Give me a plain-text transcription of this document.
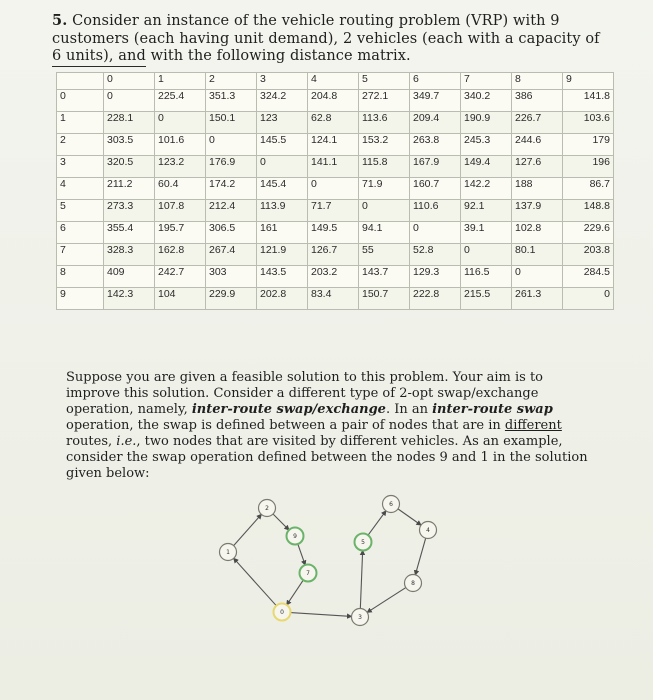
5. Consider an instance of the vehicle routing problem (VRP) with 9 customers (each having unit demand), 2 vehicles (each with a capacity of 6 units), and with the following distance matrix.
	0	1	2	3	4	5	6	7	8	9
0	0	225.4	351.3	324.2	204.8	272.1	349.7	340.2	386	141.8
1	228.1	0	150.1	123	62.8	113.6	209.4	190.9	226.7	103.6
2	303.5	101.6	0	145.5	124.1	153.2	263.8	245.3	244.6	179
3	320.5	123.2	176.9	0	141.1	115.8	167.9	149.4	127.6	196
4	211.2	60.4	174.2	145.4	0	71.9	160.7	142.2	188	86.7
5	273.3	107.8	212.4	113.9	71.7	0	110.6	92.1	137.9	148.8
6	355.4	195.7	306.5	161	149.5	94.1	0	39.1	102.8	229.6
7	328.3	162.8	267.4	121.9	126.7	55	52.8	0	80.1	203.8
8	409	242.7	303	143.5	203.2	143.7	129.3	116.5	0	284.5
9	142.3	104	229.9	202.8	83.4	150.7	222.8	215.5	261.3	0
Suppose you are given a feasible solution to this problem. Your aim is to improve this solution. Consider a different type of 2-opt swap/exchange operation, namely, inter-route swap/exchange. In an inter-route swap operation, the swap is defined between a pair of nodes that are in different routes, i.e., two nodes that are visited by different vehicles. As an example, consider the swap operation defined between the nodes 9 and 1 in the solution given below:
0
1
2
3
4
5
6
7
8
9
